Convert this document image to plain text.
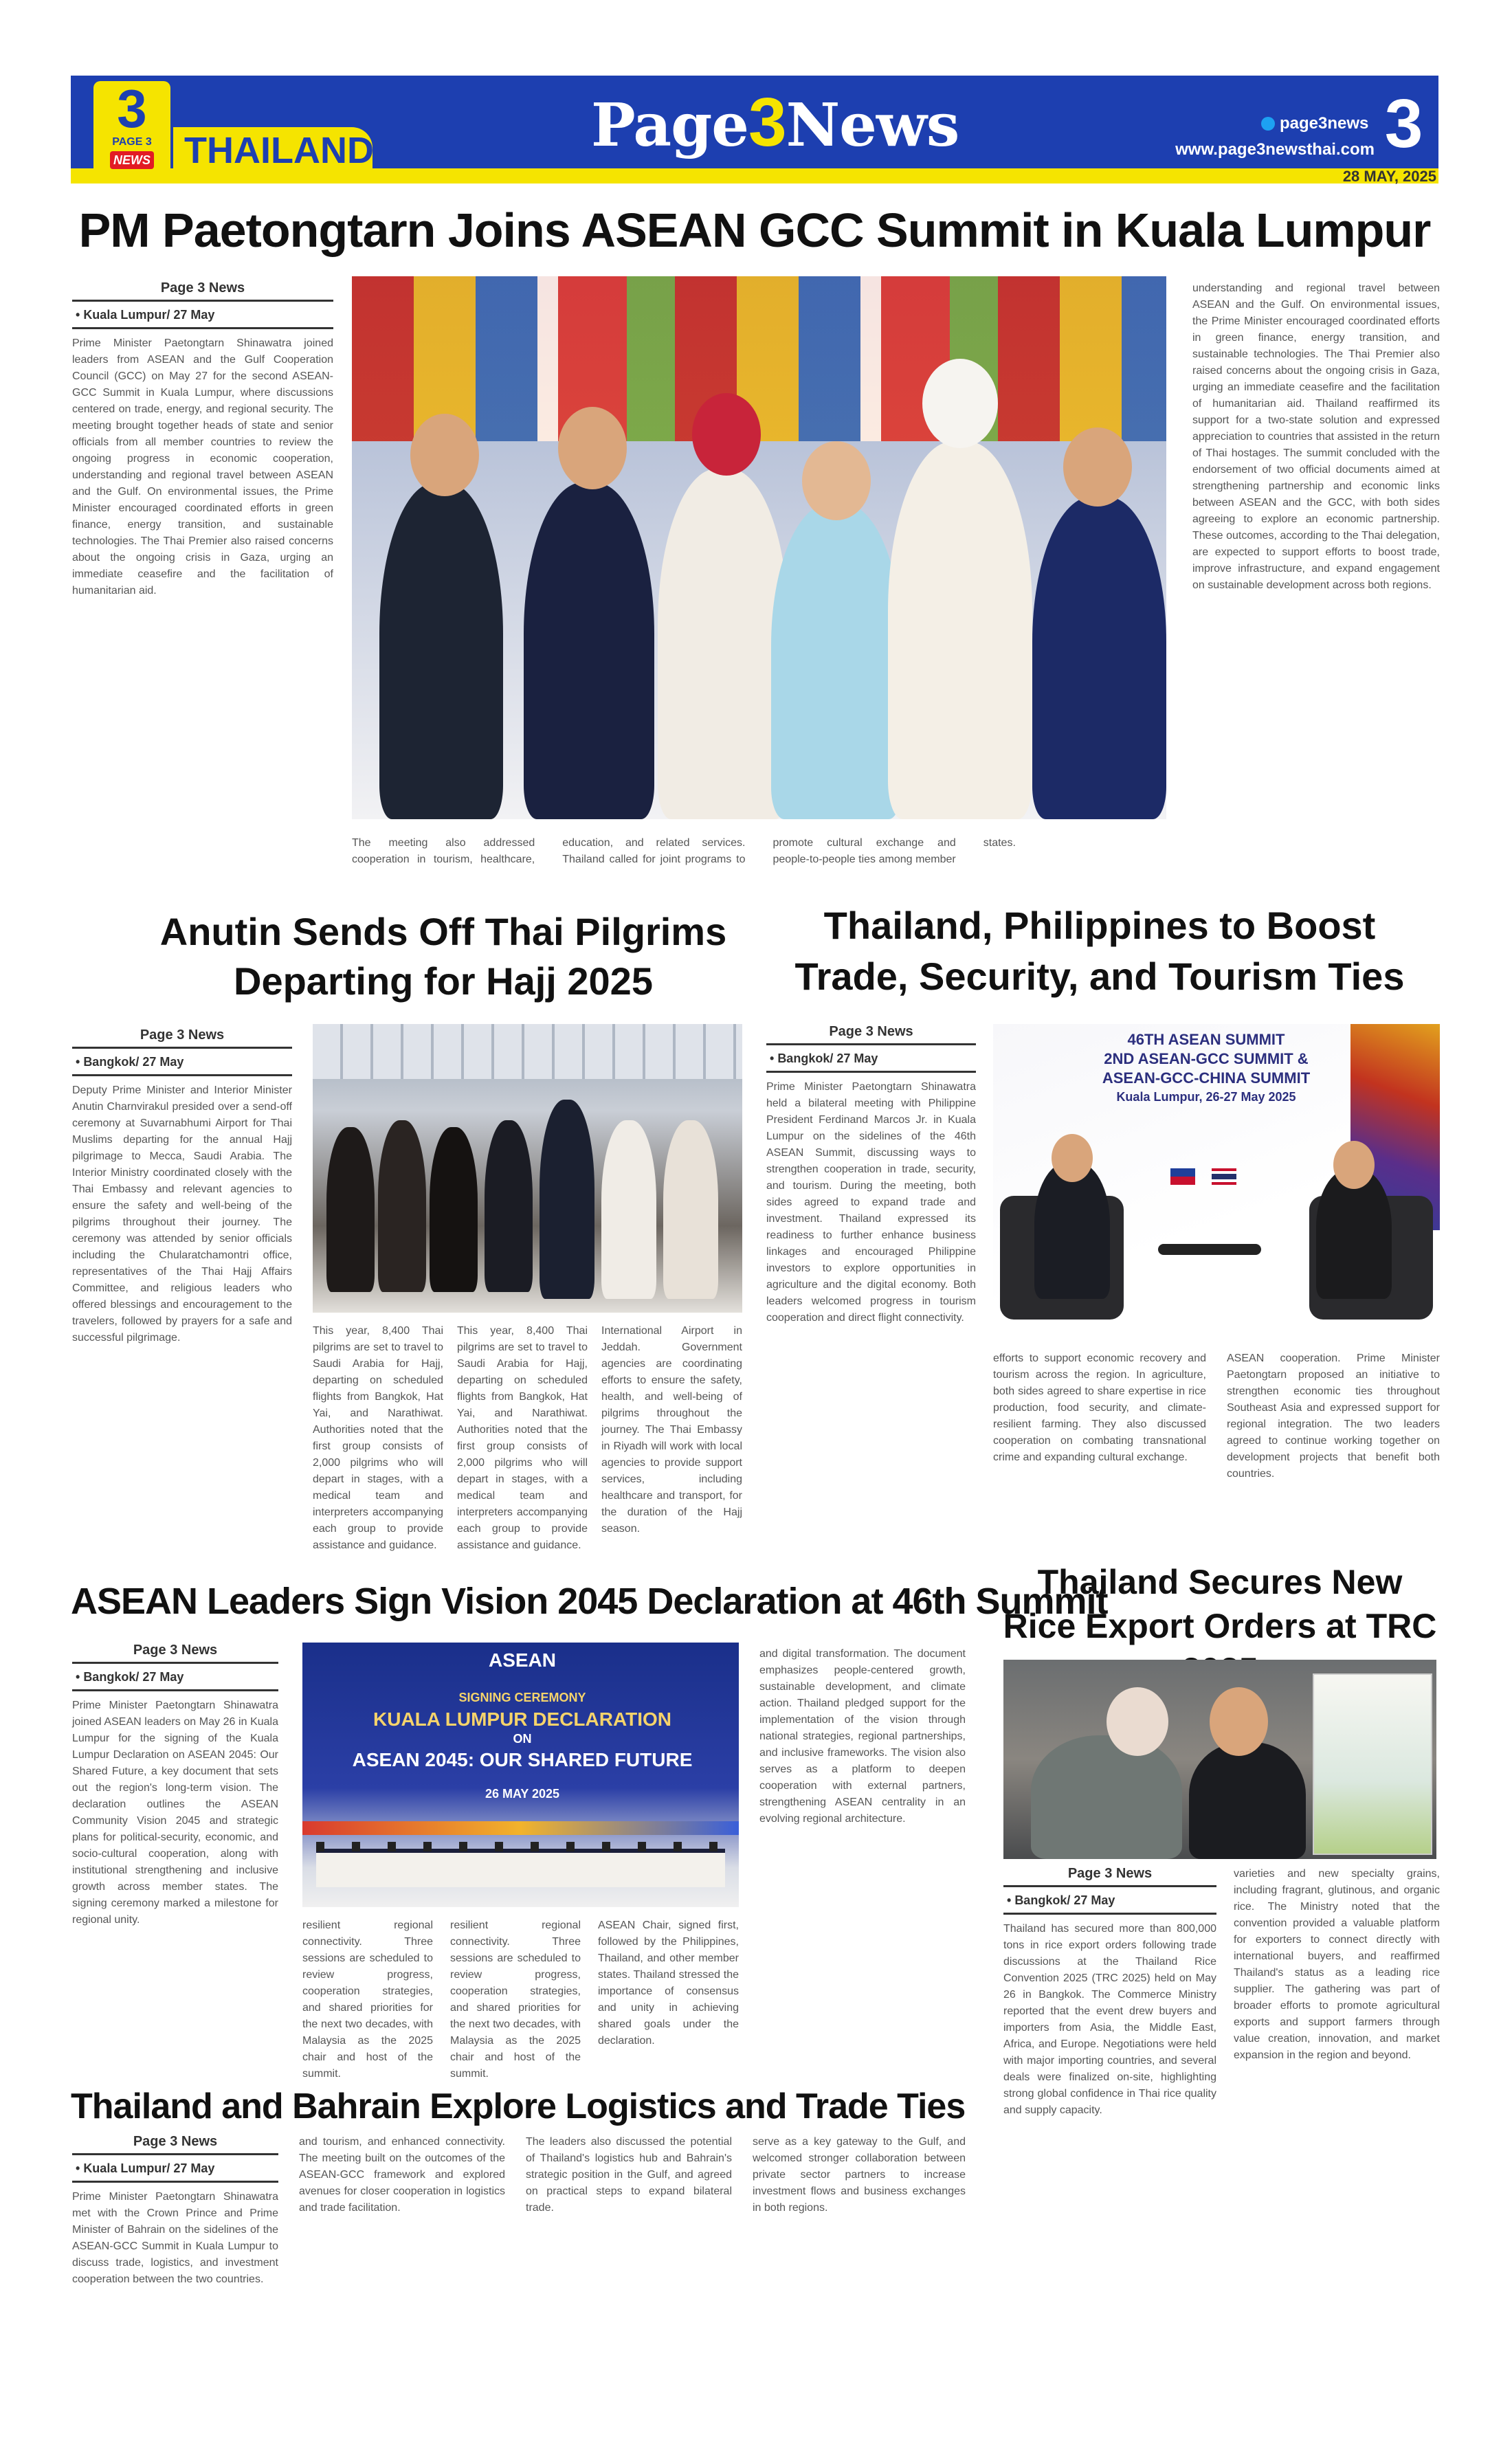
3
PAGE 3
NEWS THAILAND	Page3News	page3news
www.page3newsthai.com 3
28 MAY, 2025
PM Paetongtarn Joins ASEAN GCC Summit in Kuala Lumpur
Page 3 News
• Kuala Lumpur/ 27 May
Prime Minister Paetongtarn Shinawatra joined leaders from ASEAN and the Gulf Cooperation Council (GCC) on May 27 for the second ASEAN-GCC Summit in Kuala Lumpur, where discussions centered on trade, energy, and regional security. The meeting brought together heads of state and senior officials from all member countries to review the ongoing progress in economic cooperation, understanding and regional travel between ASEAN and the Gulf. On environmental issues, the Prime Minister encouraged coordinated efforts in green finance, energy transition, and sustainable technologies. The Thai Premier also raised concerns about the ongoing crisis in Gaza, urging an immediate ceasefire and the facilitation of humanitarian aid.
The meeting also addressed cooperation in tourism, healthcare, education, and related services. Thailand called for joint programs to promote cultural exchange and people-to-people ties among member states.
understanding and regional travel between ASEAN and the Gulf. On environmental issues, the Prime Minister encouraged coordinated efforts in green finance, energy transition, and sustainable technologies. The Thai Premier also raised concerns about the ongoing crisis in Gaza, urging an immediate ceasefire and the facilitation of humanitarian aid. Thailand reaffirmed its support for a two-state solution and expressed appreciation to countries that assisted in the return of Thai hostages. The summit concluded with the endorsement of two official documents aimed at strengthening partnership and economic links between ASEAN and the GCC, with both sides agreeing to explore an economic partnership. These outcomes, according to the Thai delegation, are expected to support efforts to boost trade, improve infrastructure, and expand engagement on sustainable development across both regions.
Anutin Sends Off Thai Pilgrims Departing for Hajj 2025
Page 3 News
• Bangkok/ 27 May
Deputy Prime Minister and Interior Minister Anutin Charnvirakul presided over a send-off ceremony at Suvarnabhumi Airport for Thai Muslims departing for the annual Hajj pilgrimage to Mecca, Saudi Arabia. The Interior Ministry coordinated closely with the Thai Embassy and relevant agencies to ensure the safety and well-being of the pilgrims throughout their journey. The ceremony was attended by senior officials including the Chularatchamontri office, representatives of the Thai Hajj Affairs Committee, and religious leaders who offered blessings and encouragement to the travelers, followed by prayers for a safe and successful pilgrimage.
This year, 8,400 Thai pilgrims are set to travel to Saudi Arabia for Hajj, departing on scheduled flights from Bangkok, Hat Yai, and Narathiwat. Authorities noted that the first group consists of 2,000 pilgrims who will depart in stages, with a medical team and interpreters accompanying each group to provide assistance and guidance.
This year, 8,400 Thai pilgrims are set to travel to Saudi Arabia for Hajj, departing on scheduled flights from Bangkok, Hat Yai, and Narathiwat. Authorities noted that the first group consists of 2,000 pilgrims who will depart in stages, with a medical team and interpreters accompanying each group to provide assistance and guidance.
International Airport in Jeddah. Government agencies are coordinating efforts to ensure the safety, health, and well-being of pilgrims throughout the journey. The Thai Embassy in Riyadh will work with local agencies to provide support services, including healthcare and transport, for the duration of the Hajj season.
Thailand, Philippines to Boost Trade, Security, and Tourism Ties
Page 3 News
• Bangkok/ 27 May
Prime Minister Paetongtarn Shinawatra held a bilateral meeting with Philippine President Ferdinand Marcos Jr. in Kuala Lumpur on the sidelines of the 46th ASEAN Summit, discussing ways to strengthen cooperation in trade, security, and tourism. During the meeting, both sides agreed to expand trade and investment. Thailand expressed its readiness to further enhance business linkages and encouraged Philippine investors to explore opportunities in agriculture and the digital economy. Both leaders welcomed progress in tourism cooperation and direct flight connectivity.
46TH ASEAN SUMMIT
2ND ASEAN-GCC SUMMIT &
ASEAN-GCC-CHINA SUMMIT
Kuala Lumpur, 26-27 May 2025
efforts to support economic recovery and tourism across the region. In agriculture, both sides agreed to share expertise in rice production, food security, and climate-resilient farming. They also discussed cooperation on combating transnational crime and expanding cultural exchange.
ASEAN cooperation. Prime Minister Paetongtarn proposed an initiative to strengthen economic ties throughout Southeast Asia and expressed support for regional integration. The two leaders agreed to continue working together on development projects that benefit both countries.
ASEAN Leaders Sign Vision 2045 Declaration at 46th Summit
Page 3 News
• Bangkok/ 27 May
Prime Minister Paetongtarn Shinawatra joined ASEAN leaders on May 26 in Kuala Lumpur for the signing of the Kuala Lumpur Declaration on ASEAN 2045: Our Shared Future, a key document that sets out the region's long-term vision. The declaration outlines the ASEAN Community Vision 2045 and strategic plans for political-security, economic, and socio-cultural cooperation, along with institutional strengthening and inclusive growth across member states. The signing ceremony marked a milestone for regional unity.
ASEAN
SIGNING CEREMONY
KUALA LUMPUR DECLARATION
ON
ASEAN 2045: OUR SHARED FUTURE
26 MAY 2025
resilient regional connectivity. Three sessions are scheduled to review progress, cooperation strategies, and shared priorities for the next two decades, with Malaysia as the 2025 chair and host of the summit.
resilient regional connectivity. Three sessions are scheduled to review progress, cooperation strategies, and shared priorities for the next two decades, with Malaysia as the 2025 chair and host of the summit.
ASEAN Chair, signed first, followed by the Philippines, Thailand, and other member states. Thailand stressed the importance of consensus and unity in achieving shared goals under the declaration.
and digital transformation. The document emphasizes people-centered growth, sustainable development, and climate action. Thailand pledged support for the implementation of the vision through national strategies, regional partnerships, and inclusive frameworks. The vision also serves as a platform to deepen cooperation with external partners, strengthening ASEAN centrality in an evolving regional architecture.
Thailand Secures New Rice Export Orders at TRC
Page 3 News
• Bangkok/ 27 May
Thailand has secured more than 800,000 tons in rice export orders following trade discussions at the Thailand Rice Convention 2025 (TRC 2025) held on May 26 in Bangkok. The Commerce Ministry reported that the event drew buyers and importers from Asia, the Middle East, Africa, and Europe. Negotiations were held with major importing countries, and several deals were finalized on-site, highlighting strong global confidence in Thai rice quality and supply capacity.
varieties and new specialty grains, including fragrant, glutinous, and organic rice. The Ministry noted that the convention provided a valuable platform for exporters to connect directly with international buyers, and reaffirmed Thailand's status as a leading rice supplier. The gathering was part of broader efforts to promote agricultural exports and support farmers through value creation, innovation, and market expansion in the region and beyond.
Thailand and Bahrain Explore Logistics and Trade Ties
Page 3 News
• Kuala Lumpur/ 27 May
Prime Minister Paetongtarn Shinawatra met with the Crown Prince and Prime Minister of Bahrain on the sidelines of the ASEAN-GCC Summit in Kuala Lumpur to discuss trade, logistics, and investment cooperation between the two countries.
and tourism, and enhanced connectivity. The meeting built on the outcomes of the ASEAN-GCC framework and explored avenues for closer cooperation in logistics and trade facilitation.
The leaders also discussed the potential of Thailand's logistics hub and Bahrain's strategic position in the Gulf, and agreed on practical steps to expand bilateral trade.
serve as a key gateway to the Gulf, and welcomed stronger collaboration between private sector partners to increase investment flows and business exchanges in both regions.
